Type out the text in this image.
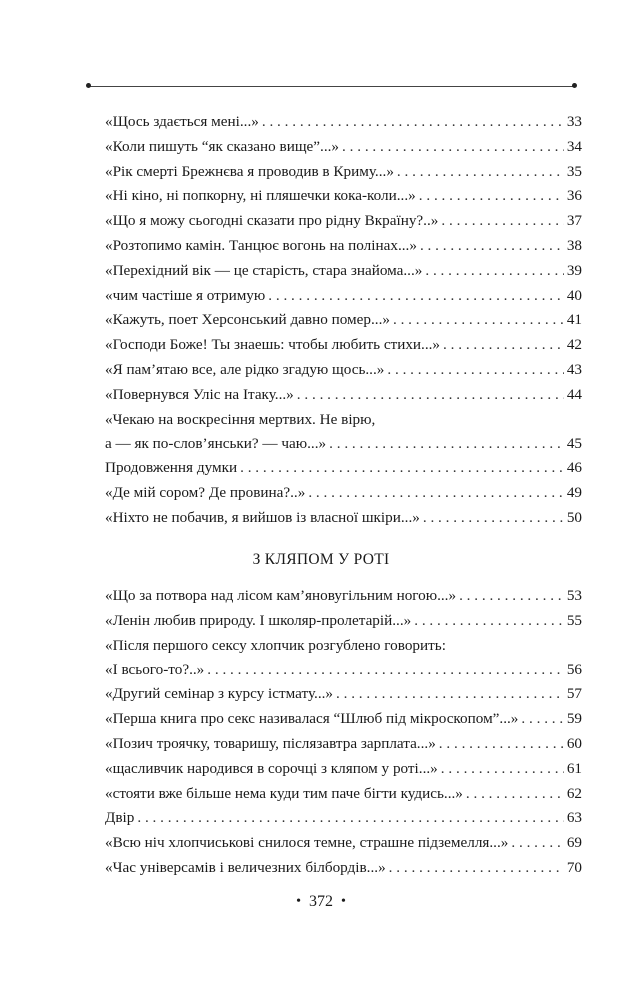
«Щось здається мені...» . . .	33
«Коли пишуть “як сказано вище”...» . . .	34
«Рік смерті Брежнєва я проводив в Криму...» . . .	35
«Ні кіно, ні попкорну, ні пляшечки кока-коли...» . . .	36
«Що я можу сьогодні сказати про рідну Вкраїну?..» . . .	37
«Розтопимо камін. Танцює вогонь на полінах...» . . .	38
«Перехідний вік — це старість, стара знайома...» . . .	39
«чим частіше я отримую . . .	40
«Кажуть, поет Херсонський давно помер...» . . .	41
«Господи Боже! Ты знаешь: чтобы любить стихи...» . . .	42
«Я пам’ятаю все, але рідко згадую щось...» . . .	43
«Повернувся Уліс на Ітаку...» . . .	44
«Чекаю на воскресіння мертвих. Не вірю,
а — як по-слов’янськи? — чаю...» . . .	45
Продовження думки . . .	46
«Де мій сором? Де провина?..» . . .	49
«Ніхто не побачив, я вийшов із власної шкіри...» . . .	50
З КЛЯПОМ У РОТІ
«Що за потвора над лісом кам’яновугільним ногою...» . . .	53
«Ленін любив природу. І школяр-пролетарій...» . . .	55
«Після першого сексу хлопчик розгублено говорить:
«І всього-то?..» . . .	56
«Другий семінар з курсу істмату...» . . .	57
«Перша книга про секс називалася “Шлюб під мікроскопом”...» . . .	59
«Позич троячку, товаришу, післязавтра зарплата...» . . .	60
«щасливчик народився в сорочці з кляпом у роті...» . . .	61
«стояти вже більше нема куди тим паче бігти кудись...» . . .	62
Двір . . .	63
«Всю ніч хлопчиськові снилося темне, страшне підземелля...» . . .	69
«Час універсамів і величезних білбордів...» . . .	70
• 372 •
